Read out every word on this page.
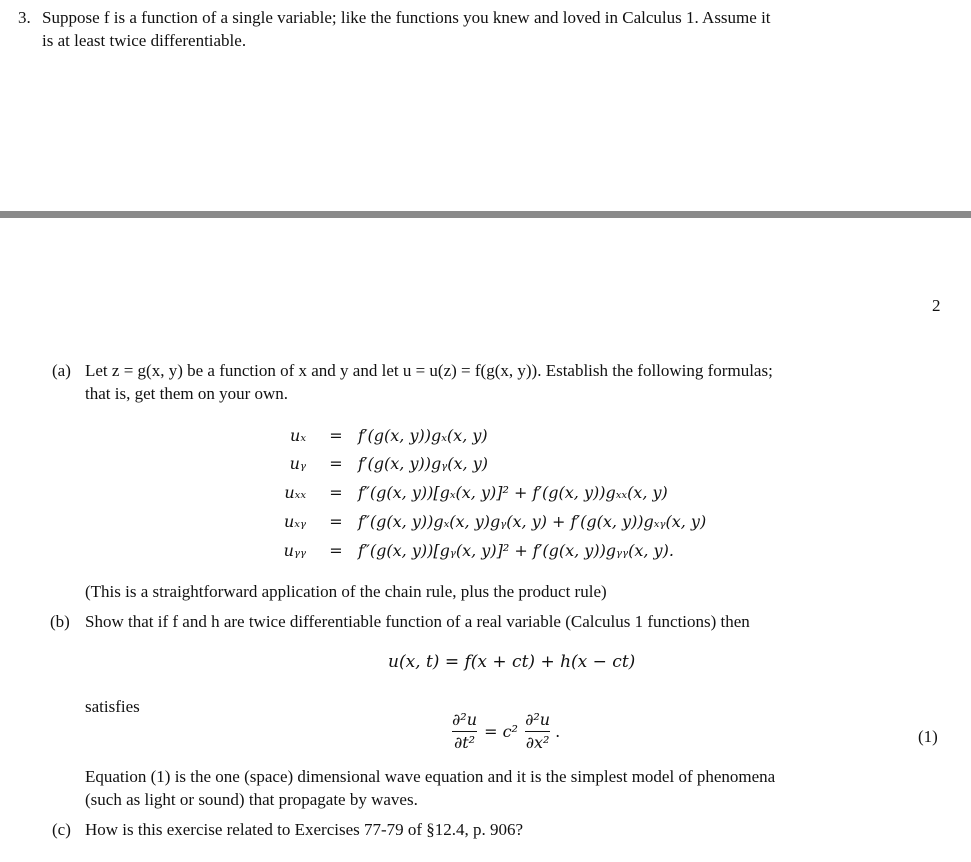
3. Suppose f is a function of a single variable; like the functions you knew and loved in Calculus 1. Assume it
is at least twice differentiable.
2
(a) Let z = g(x, y) be a function of x and y and let u = u(z) = f(g(x, y)). Establish the following formulas;
that is, get them on your own.
uₓ = f′(g(x, y))gₓ(x, y)
uᵧ = f′(g(x, y))gᵧ(x, y)
uₓₓ = f″(g(x, y))[gₓ(x, y)]² + f′(g(x, y))gₓₓ(x, y)
uₓᵧ = f″(g(x, y))gₓ(x, y)gᵧ(x, y) + f′(g(x, y))gₓᵧ(x, y)
uᵧᵧ = f″(g(x, y))[gᵧ(x, y)]² + f′(g(x, y))gᵧᵧ(x, y).
(This is a straightforward application of the chain rule, plus the product rule)
(b) Show that if f and h are twice differentiable function of a real variable (Calculus 1 functions) then
u(x, t) = f(x + ct) + h(x − ct)
satisfies
$\frac{\text{∂²u}}{\text{∂t²}} = c^2 \frac{\text{∂²u}}{\text{∂x²}}$ .	(1)
Equation (1) is the one (space) dimensional wave equation and it is the simplest model of phenomena
(such as light or sound) that propagate by waves.
(c) How is this exercise related to Exercises 77-79 of §12.4, p. 906?
